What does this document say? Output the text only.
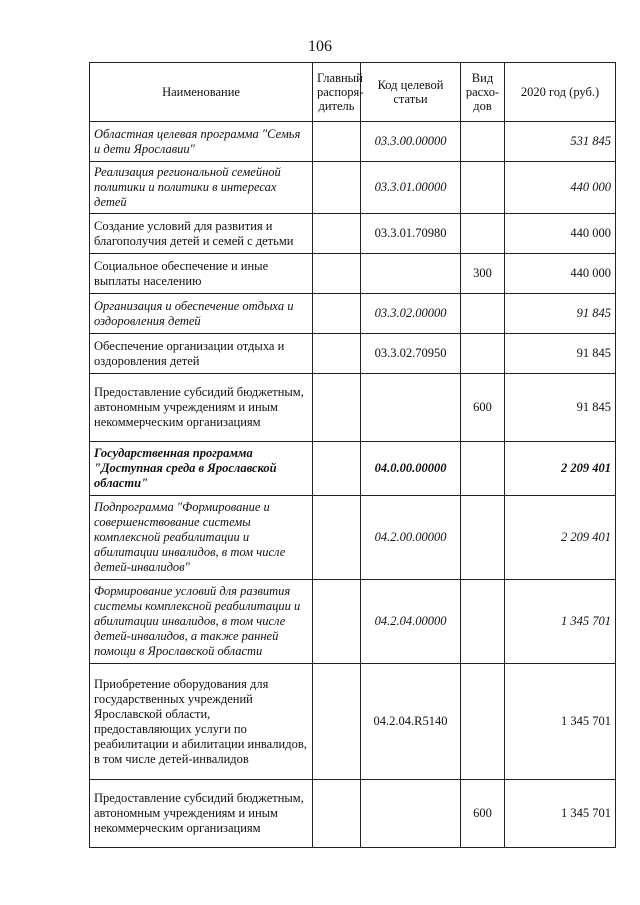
106
Наименование	Главный распоря-дитель	Код целевой статьи	Вид расхо-дов	2020 год (руб.)
Областная целевая программа "Семья и дети Ярославии"		03.3.00.00000		531 845
Реализация региональной семейной политики и политики в интересах детей		03.3.01.00000		440 000
Создание условий для развития и благополучия детей и семей с детьми		03.3.01.70980		440 000
Социальное обеспечение и иные выплаты населению			300	440 000
Организация и обеспечение отдыха и оздоровления детей		03.3.02.00000		91 845
Обеспечение организации отдыха и оздоровления детей		03.3.02.70950		91 845
Предоставление субсидий бюджетным, автономным учреждениям и иным некоммерческим организациям			600	91 845
Государственная программа "Доступная среда в Ярославской области"		04.0.00.00000		2 209 401
Подпрограмма "Формирование и совершенствование системы комплексной реабилитации и абилитации инвалидов, в том числе детей-инвалидов"		04.2.00.00000		2 209 401
Формирование условий для развития системы комплексной реабилитации и абилитации инвалидов, в том числе детей-инвалидов, а также ранней помощи в Ярославской области		04.2.04.00000		1 345 701
Приобретение оборудования для государственных учреждений Ярославской области, предоставляющих услуги по реабилитации и абилитации инвалидов, в том числе детей-инвалидов		04.2.04.R5140		1 345 701
Предоставление субсидий бюджетным, автономным учреждениям и иным некоммерческим организациям			600	1 345 701
